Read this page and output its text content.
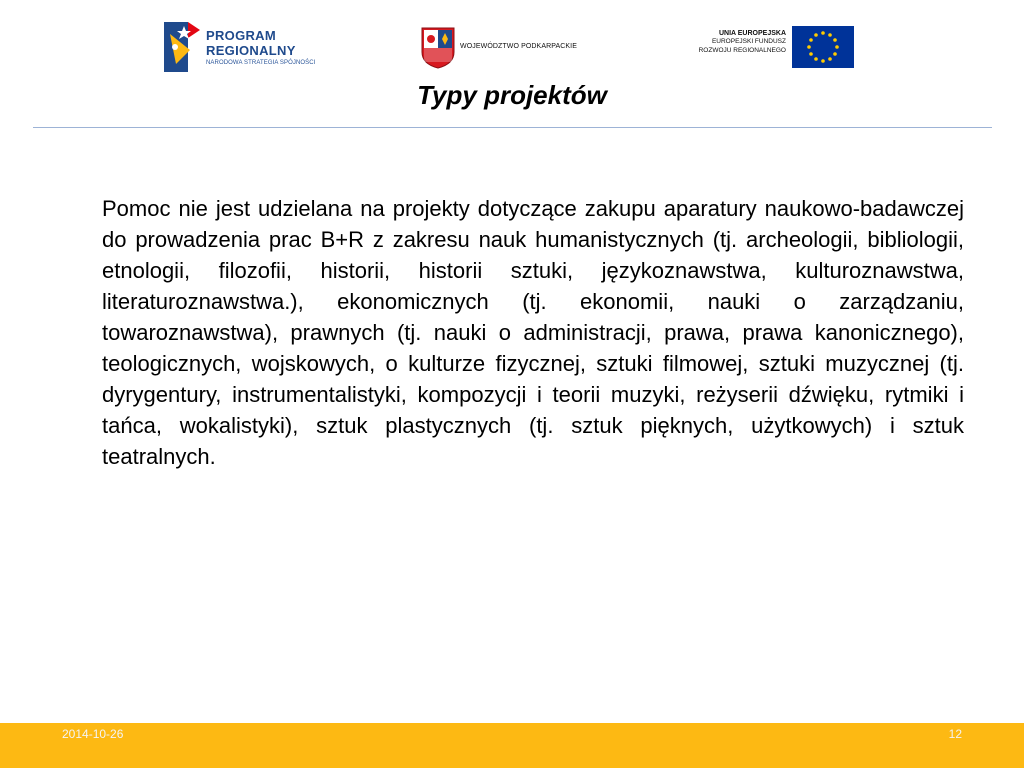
PROGRAM
REGIONALNY
NARODOWA STRATEGIA SPÓJNOŚCI
WOJEWÓDZTWO PODKARPACKIE
UNIA EUROPEJSKA
EUROPEJSKI FUNDUSZ
ROZWOJU REGIONALNEGO
Typy projektów

Pomoc nie jest udzielana na projekty dotyczące zakupu aparatury naukowo-badawczej do prowadzenia prac B+R z zakresu nauk humanistycznych (tj. archeologii, bibliologii, etnologii, filozofii, historii, historii sztuki, językoznawstwa, kulturoznawstwa, literaturoznawstwa.), ekonomicznych (tj. ekonomii, nauki o zarządzaniu, towaroznawstwa), prawnych (tj. nauki o administracji, prawa, prawa kanonicznego), teologicznych, wojskowych, o kulturze fizycznej, sztuki filmowej, sztuki muzycznej (tj. dyrygentury, instrumentalistyki, kompozycji i teorii muzyki, reżyserii dźwięku, rytmiki i tańca, wokalistyki), sztuk plastycznych (tj. sztuk pięknych, użytkowych) i sztuk teatralnych.

2014-10-26	12
